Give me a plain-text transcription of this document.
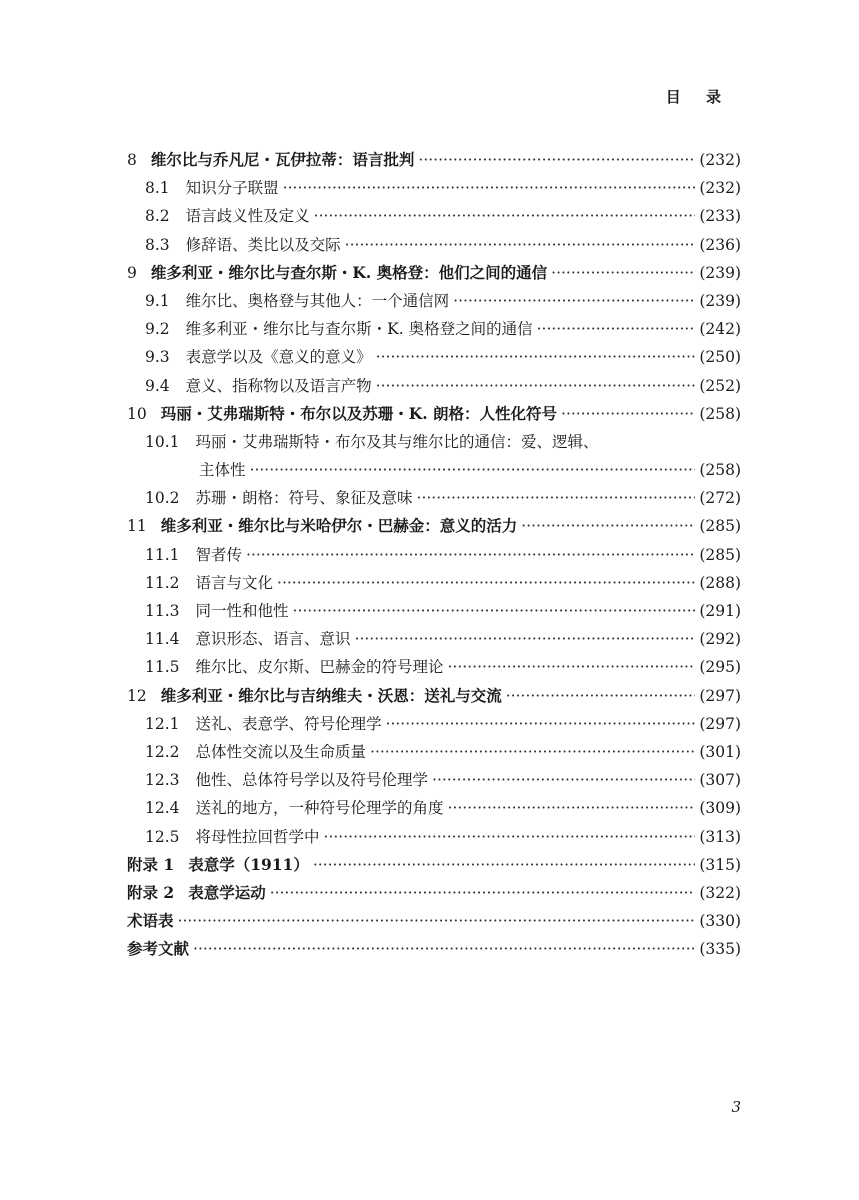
目 录
8 维尔比与乔凡尼・瓦伊拉蒂：语言批判 ·····	(232)
8.1 知识分子联盟 ·····	(232)
8.2 语言歧义性及定义 ·····	(233)
8.3 修辞语、类比以及交际 ·····	(236)
9 维多利亚・维尔比与查尔斯・K. 奥格登：他们之间的通信 ·····	(239)
9.1 维尔比、奥格登与其他人：一个通信网 ·····	(239)
9.2 维多利亚・维尔比与查尔斯・K. 奥格登之间的通信 ·····	(242)
9.3 表意学以及《意义的意义》 ·····	(250)
9.4 意义、指称物以及语言产物 ·····	(252)
10 玛丽・艾弗瑞斯特・布尔以及苏珊・K. 朗格：人性化符号 ·····	(258)
10.1 玛丽・艾弗瑞斯特・布尔及其与维尔比的通信：爱、逻辑、
主体性 ·····	(258)
10.2 苏珊・朗格：符号、象征及意味 ·····	(272)
11 维多利亚・维尔比与米哈伊尔・巴赫金：意义的活力 ·····	(285)
11.1 智者传 ·····	(285)
11.2 语言与文化 ·····	(288)
11.3 同一性和他性 ·····	(291)
11.4 意识形态、语言、意识 ·····	(292)
11.5 维尔比、皮尔斯、巴赫金的符号理论 ·····	(295)
12 维多利亚・维尔比与吉纳维夫・沃恩：送礼与交流 ·····	(297)
12.1 送礼、表意学、符号伦理学 ·····	(297)
12.2 总体性交流以及生命质量 ·····	(301)
12.3 他性、总体符号学以及符号伦理学 ·····	(307)
12.4 送礼的地方，一种符号伦理学的角度 ·····	(309)
12.5 将母性拉回哲学中 ·····	(313)
附录 1 表意学（1911） ·····	(315)
附录 2 表意学运动 ·····	(322)
术语表 ·····	(330)
参考文献 ·····	(335)
3
